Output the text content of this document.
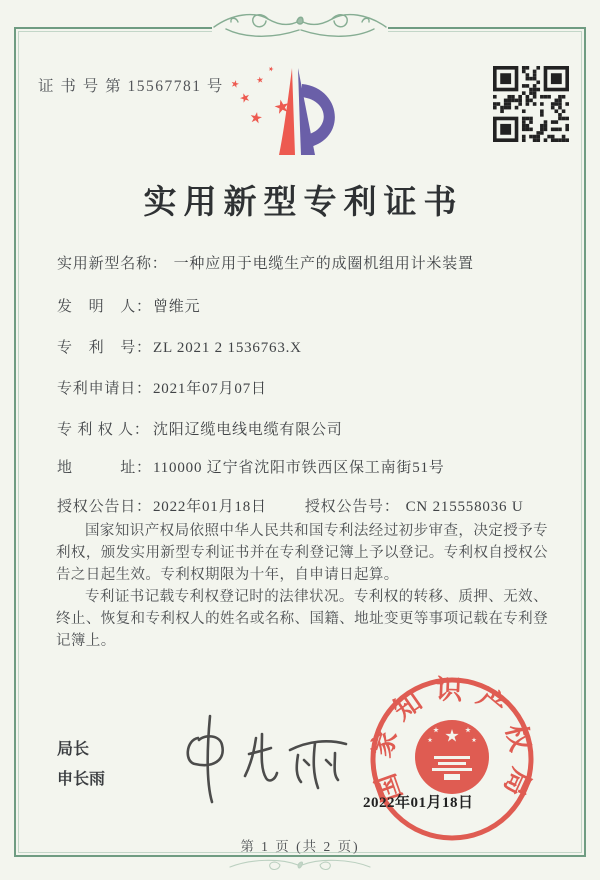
证 书 号 第 15567781 号
实用新型专利证书
实用新型名称： 一种应用于电缆生产的成圈机组用计米装置
发　明　人：曾维元
专　利　号：ZL 2021 2 1536763.X
专利申请日：2021年07月07日
专 利 权 人： 沈阳辽缆电线电缆有限公司
地　　　址：110000 辽宁省沈阳市铁西区保工南街51号
授权公告日：2022年01月18日	授权公告号： CN 215558036 U

国家知识产权局依照中华人民共和国专利法经过初步审查，决定授予专利权，颁发实用新型专利证书并在专利登记簿上予以登记。专利权自授权公告之日起生效。专利权期限为十年，自申请日起算。

专利证书记载专利权登记时的法律状况。专利权的转移、质押、无效、终止、恢复和专利权人的姓名或名称、国籍、地址变更等事项记载在专利登记簿上。

局长
申长雨	国家知识产权局
2022年01月18日
第 1 页 (共 2 页)
